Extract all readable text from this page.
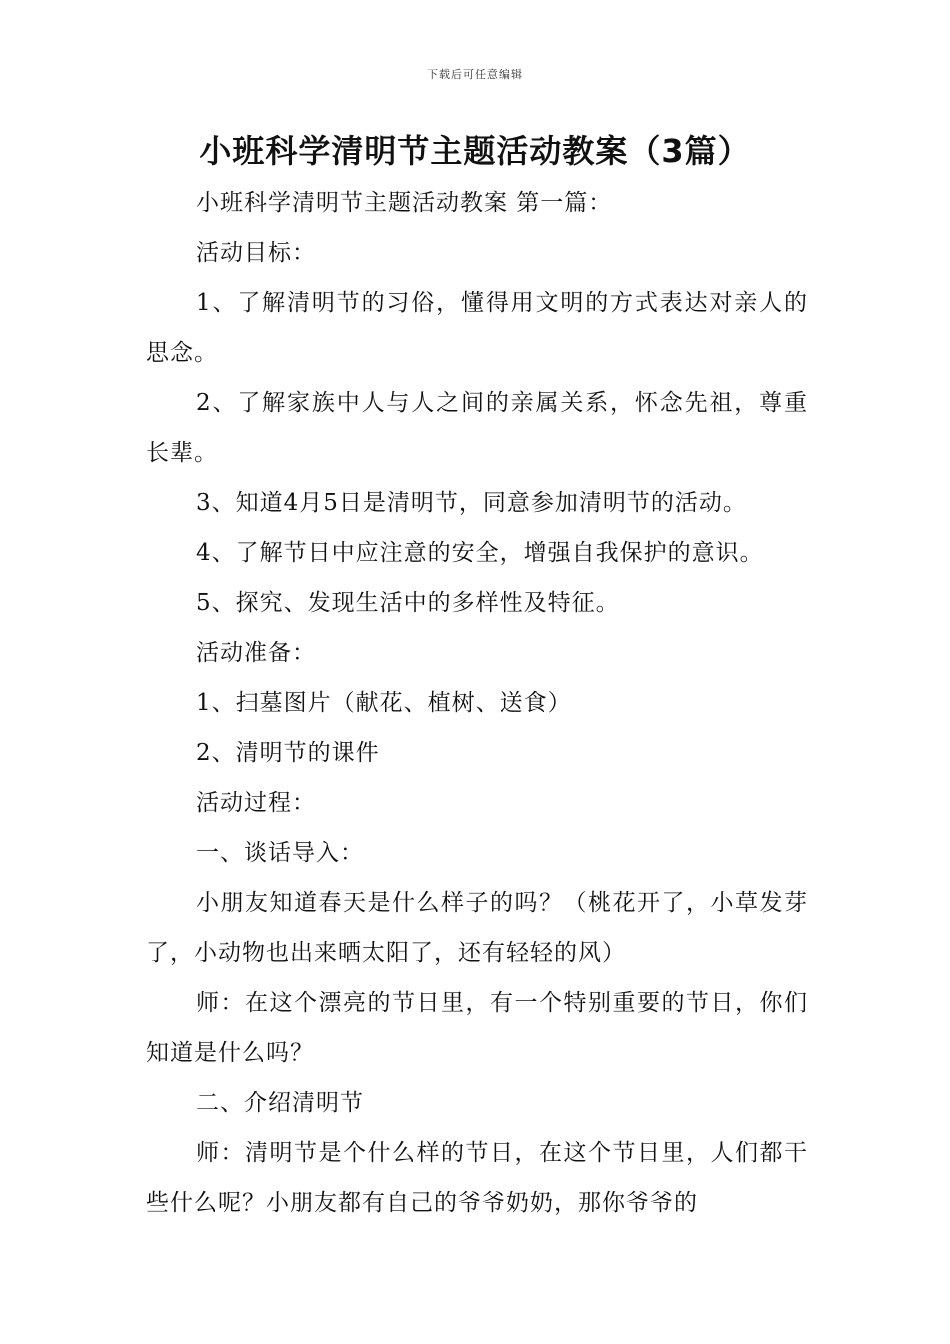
下载后可任意编辑
小班科学清明节主题活动教案（3篇）

小班科学清明节主题活动教案 第一篇：

活动目标：

1、了解清明节的习俗，懂得用文明的方式表达对亲人的思念。

2、了解家族中人与人之间的亲属关系，怀念先祖，尊重长辈。

3、知道4月5日是清明节，同意参加清明节的活动。

4、了解节日中应注意的安全，增强自我保护的意识。

5、探究、发现生活中的多样性及特征。

活动准备：

1、扫墓图片（献花、植树、送食）

2、清明节的课件

活动过程：

一、谈话导入：

小朋友知道春天是什么样子的吗？（桃花开了，小草发芽了，小动物也出来晒太阳了，还有轻轻的风）

师：在这个漂亮的节日里，有一个特别重要的节日，你们知道是什么吗？

二、介绍清明节

师：清明节是个什么样的节日，在这个节日里，人们都干些什么呢？小朋友都有自己的爷爷奶奶，那你爷爷的
